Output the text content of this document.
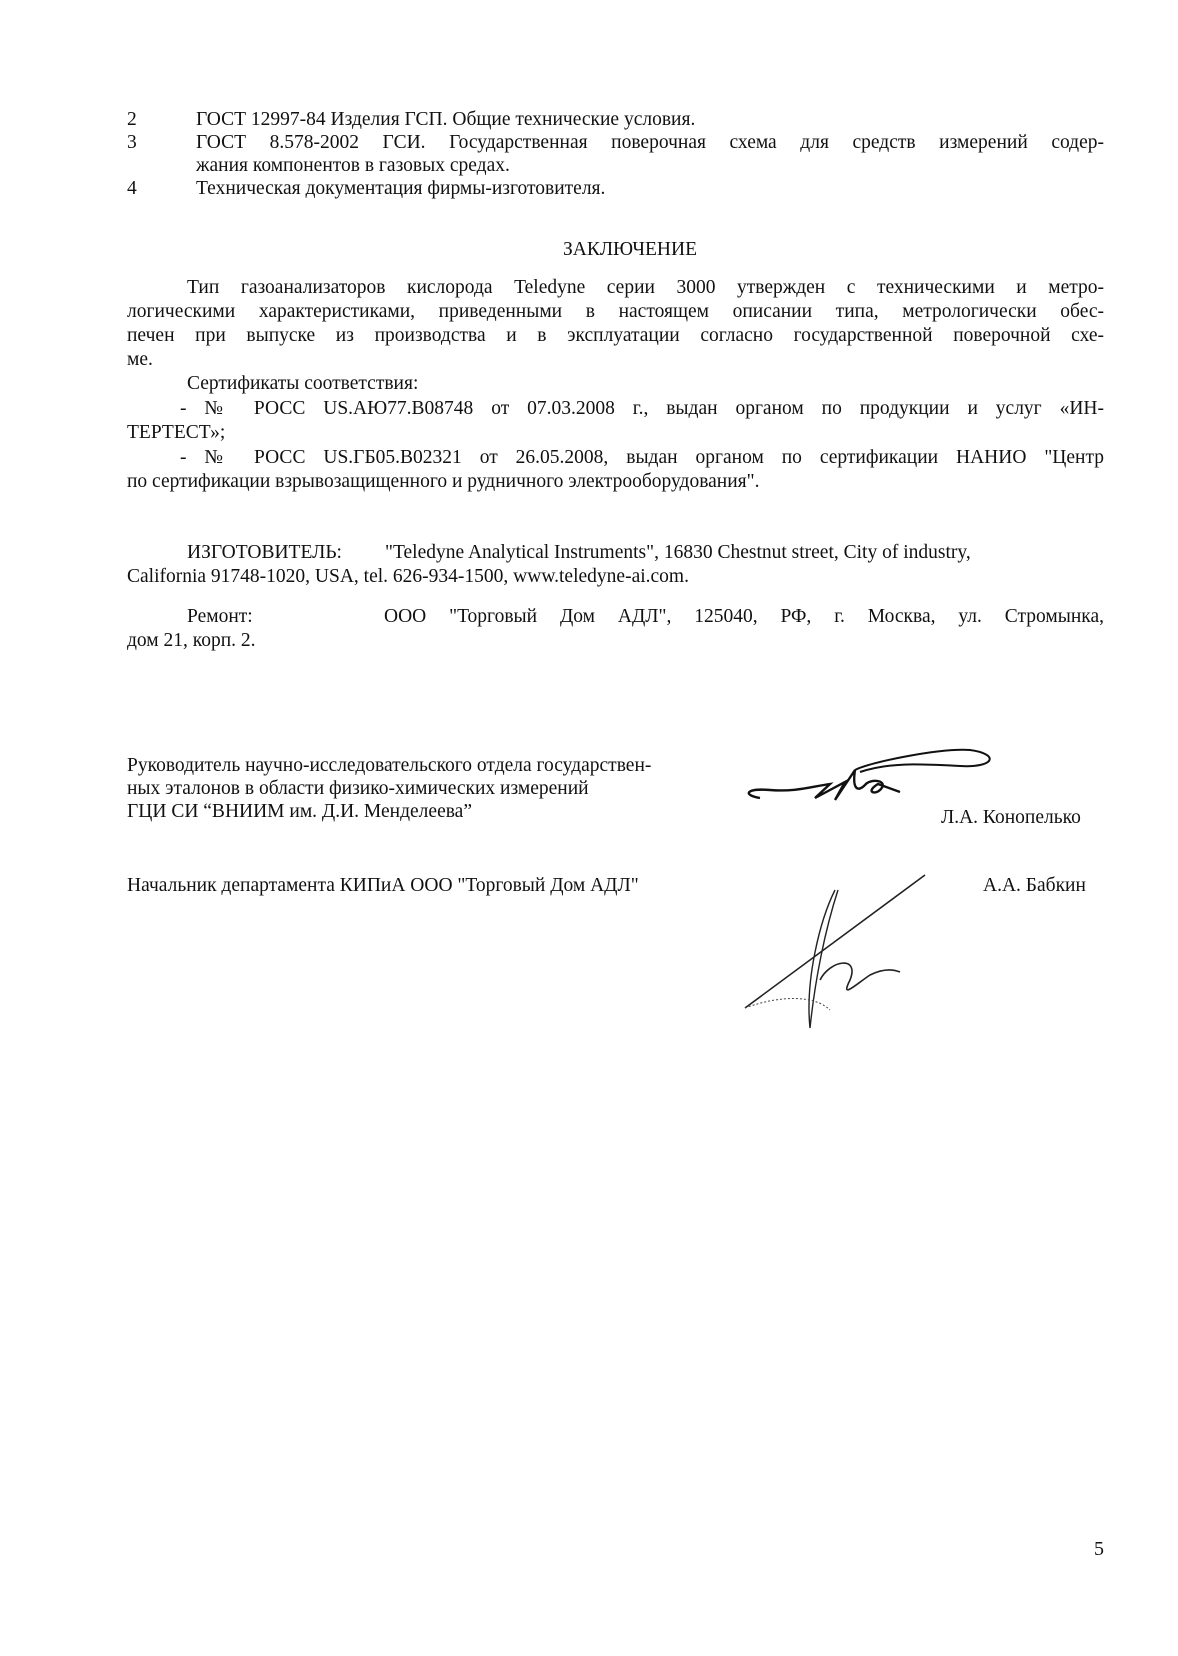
2	ГОСТ 12997-84 Изделия ГСП. Общие технические условия.
3	ГОСТ 8.578-2002 ГСИ. Государственная поверочная схема для средств измерений содер-
жания компонентов в газовых средах.
4	Техническая документация фирмы-изготовителя.
ЗАКЛЮЧЕНИЕ
Тип газоанализаторов кислорода Teledyne серии 3000 утвержден с техническими и метро-
логическими характеристиками, приведенными в настоящем описании типа, метрологически обес-
печен при выпуске из производства и в эксплуатации согласно государственной поверочной схе-
ме.
Сертификаты соответствия:
- № РОСС US.АЮ77.В08748 от 07.03.2008 г., выдан органом по продукции и услуг «ИН-
ТЕРТЕСТ»;
- № РОСС US.ГБ05.В02321 от 26.05.2008, выдан органом по сертификации НАНИО "Центр
по сертификации взрывозащищенного и рудничного электрооборудования".
ИЗГОТОВИТЕЛЬ: "Teledyne Analytical Instruments", 16830 Chestnut street, City of industry,
California 91748-1020, USA, tel. 626-934-1500, www.teledyne-ai.com.
Ремонт:	ООО "Торговый Дом АДЛ", 125040, РФ, г. Москва, ул. Стромынка,
дом 21, корп. 2.
Руководитель научно-исследовательского отдела государствен-
ных эталонов в области физико-химических измерений
ГЦИ СИ “ВНИИМ им. Д.И. Менделеева”	Л.А. Конопелько
Начальник департамента КИПиА ООО "Торговый Дом АДЛ"	А.А. Бабкин
5
